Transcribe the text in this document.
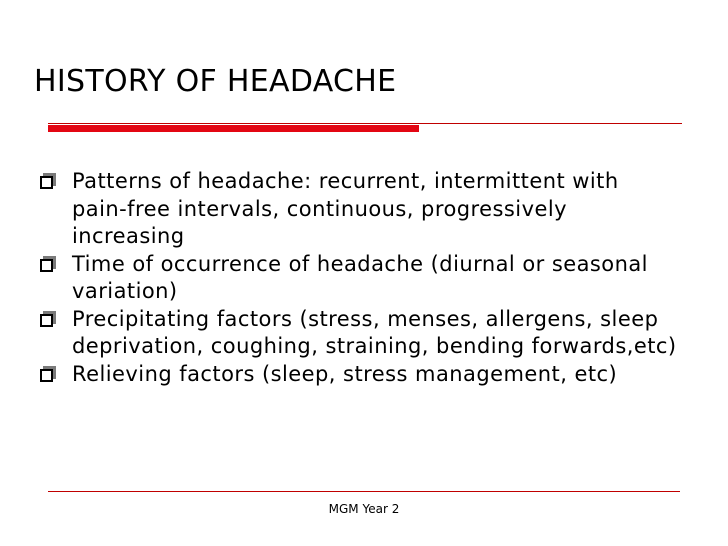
HISTORY OF HEADACHE
Patterns of headache: recurrent, intermittent with pain-free intervals, continuous, progressively increasing
Time of occurrence of headache (diurnal or seasonal variation)
Precipitating factors (stress, menses, allergens, sleep deprivation, coughing, straining, bending forwards,etc)
Relieving factors (sleep, stress management, etc)
MGM Year 2
